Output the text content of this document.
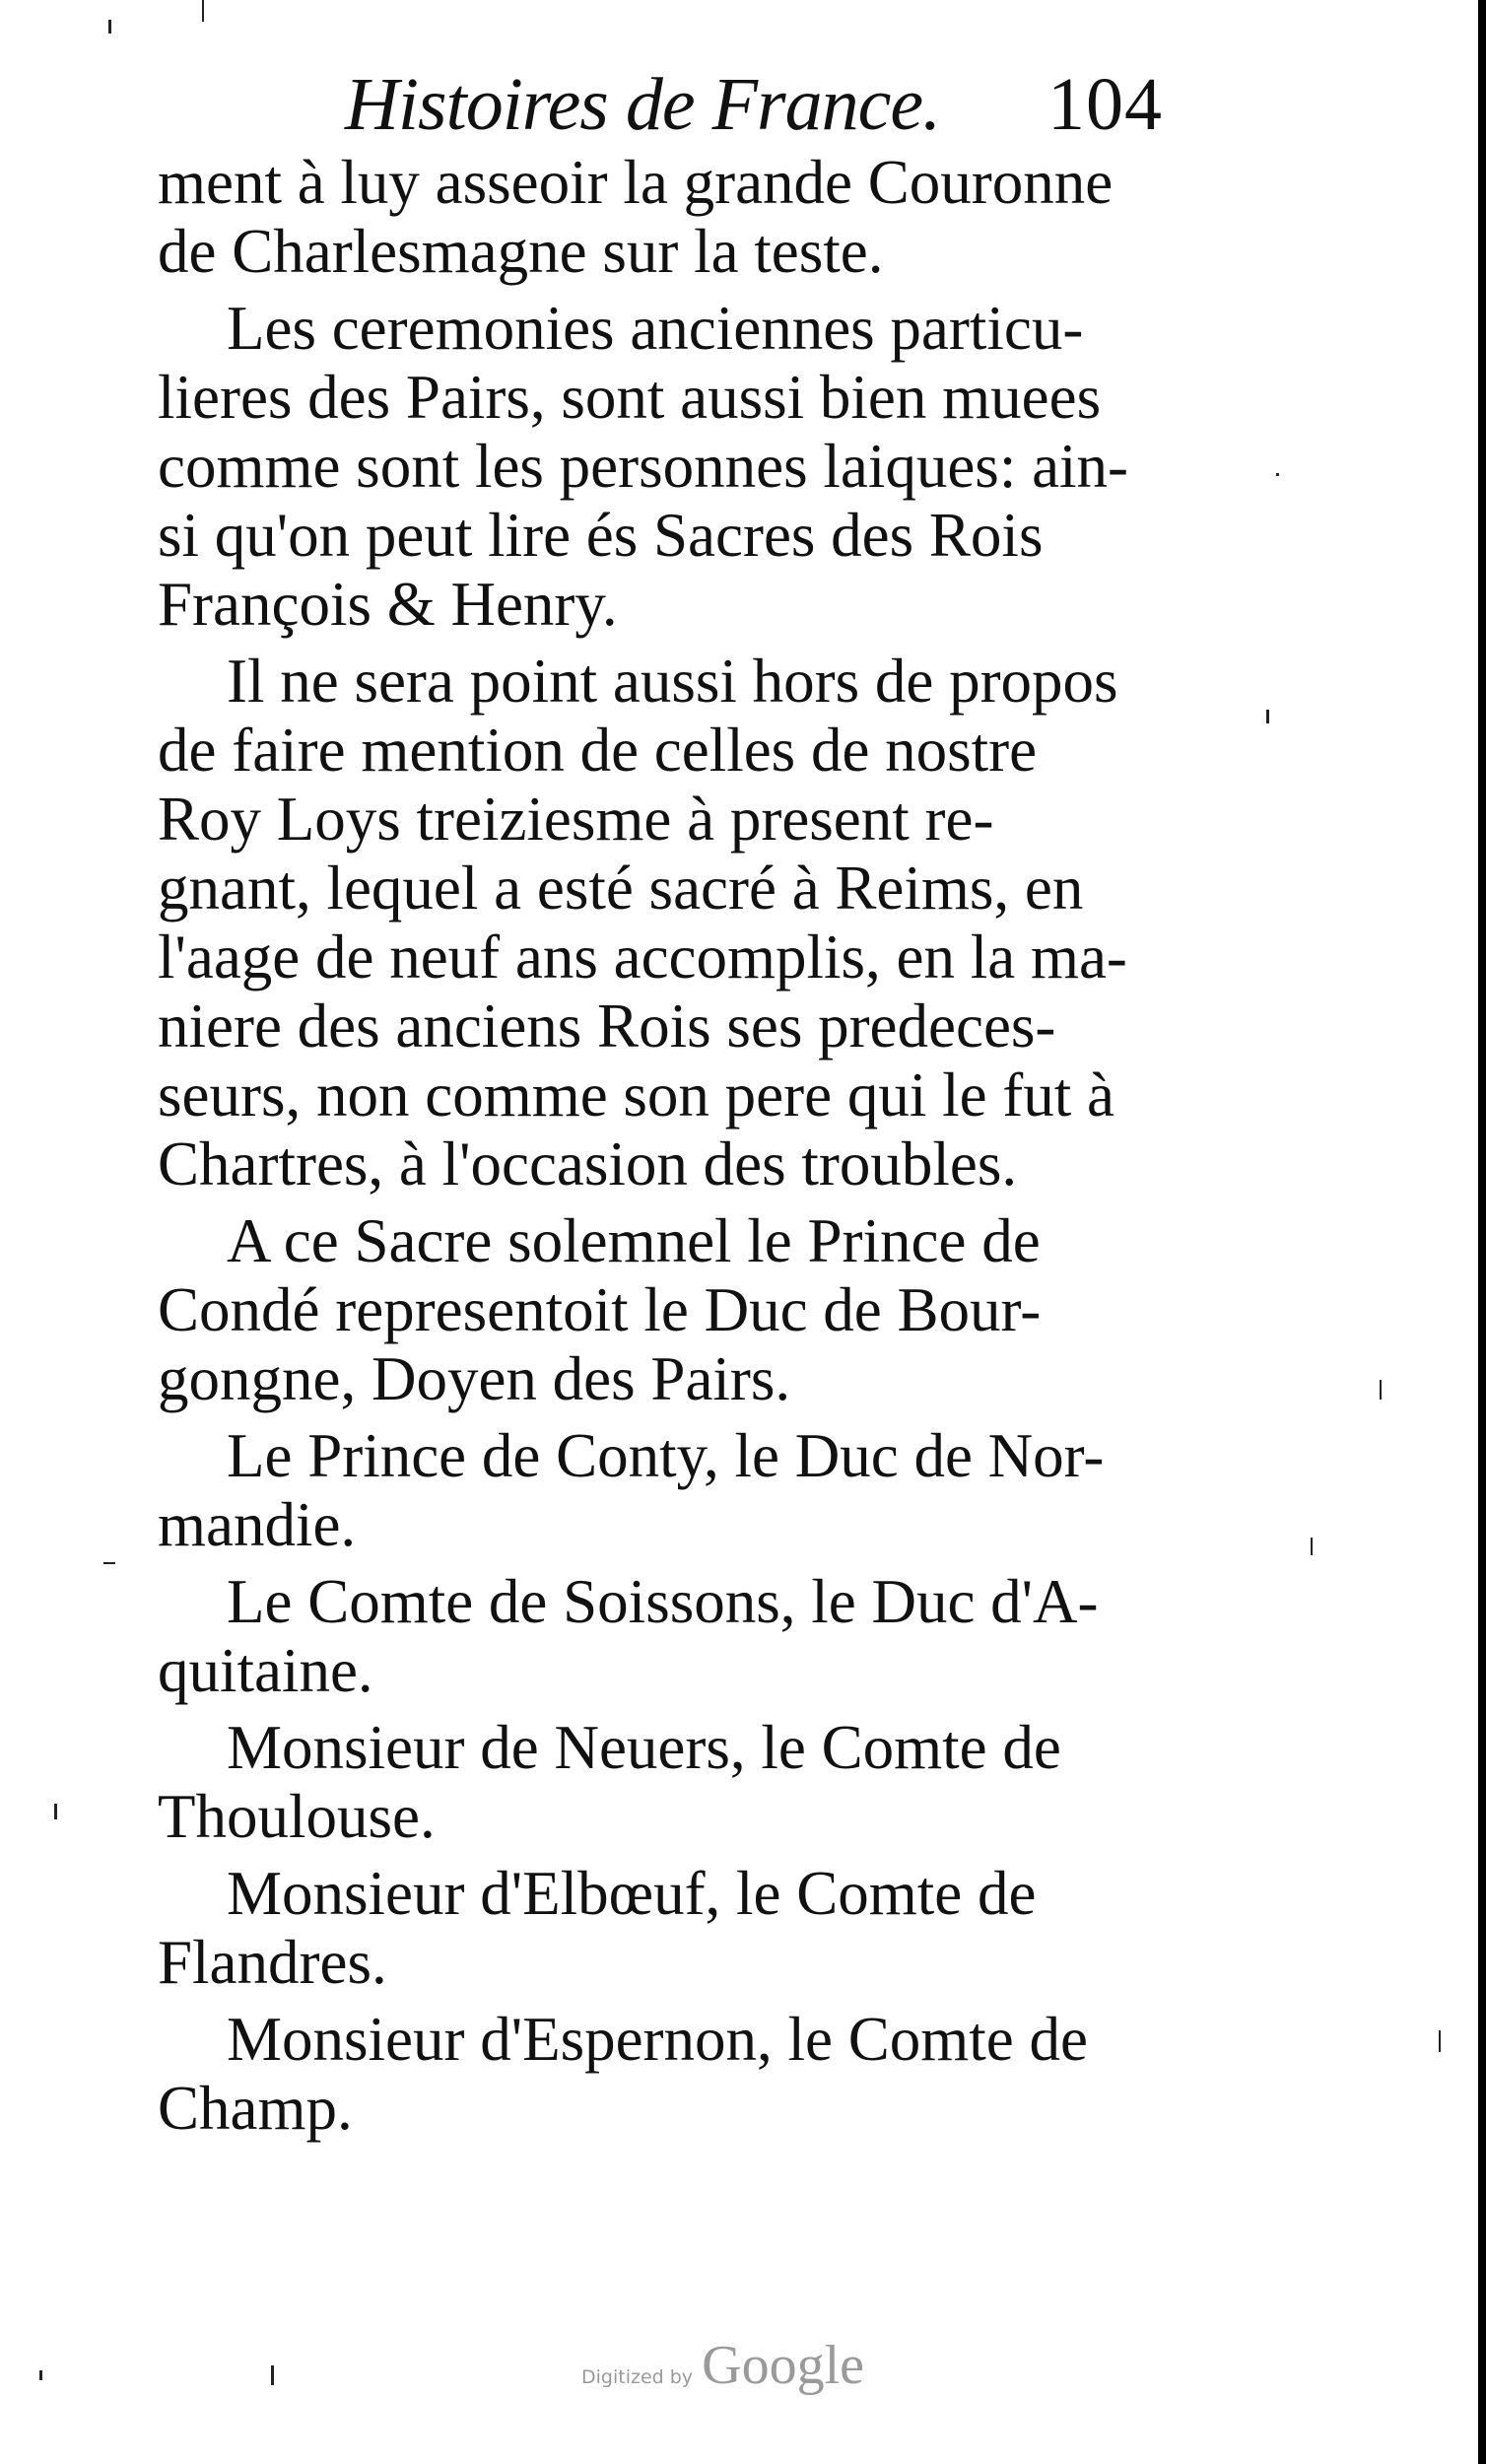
Histoires de France. 104
ment à luy asseoir la grande Couronne
de Charlesmagne sur la teste.
Les ceremonies anciennes particu-
lieres des Pairs, sont aussi bien muees
comme sont les personnes laiques: ain-
si qu'on peut lire és Sacres des Rois
François & Henry.
Il ne sera point aussi hors de propos
de faire mention de celles de nostre
Roy Loys treiziesme à present re-
gnant, lequel a esté sacré à Reims, en
l'aage de neuf ans accomplis, en la ma-
niere des anciens Rois ses predeces-
seurs, non comme son pere qui le fut à
Chartres, à l'occasion des troubles.
A ce Sacre solemnel le Prince de
Condé representoit le Duc de Bour-
gongne, Doyen des Pairs.
Le Prince de Conty, le Duc de Nor-
mandie.
Le Comte de Soissons, le Duc d'A-
quitaine.
Monsieur de Neuers, le Comte de
Thoulouse.
Monsieur d'Elbœuf, le Comte de
Flandres.
Monsieur d'Espernon, le Comte de
Champ.
Digitized by Google
